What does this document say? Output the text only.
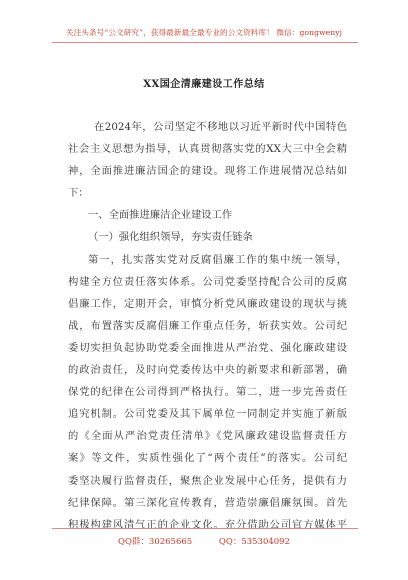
关注头条号“公文研究”，获得最新最全最专业的公文资料库！ 微信：gongwenyj
XX国企清廉建设工作总结
在2024年，公司坚定不移地以习近平新时代中国特色
社会主义思想为指导，认真贯彻落实党的XX大三中全会精
神，全面推进廉洁国企的建设。现将工作进展情况总结如
下：
一、全面推进廉洁企业建设工作
（一）强化组织领导，夯实责任链条
第一，扎实落实党对反腐倡廉工作的集中统一领导，
构建全方位责任落实体系。公司党委坚持配合公司的反腐
倡廉工作，定期开会，审慎分析党风廉政建设的现状与挑
战，布置落实反腐倡廉工作重点任务，斩获实效。公司纪
委切实担负起协助党委全面推进从严治党、强化廉政建设
的政治责任，及时向党委传达中央的新要求和新部署，确
保党的纪律在公司得到严格执行。第二，进一步完善责任
追究机制。公司党委及其下属单位一同制定并实施了新版
的《全面从严治党责任清单》《党风廉政建设监督责任方
案》等文件，实质性强化了“两个责任”的落实。公司纪
委坚决履行监督责任，聚焦企业发展中心任务，提供有力
纪律保障。第三深化宣传教育，营造崇廉倡廉氛围。首先
积极构建风清气正的企业文化。充分借助公司官方媒体平
QQ群：30265665	QQ：535304092
